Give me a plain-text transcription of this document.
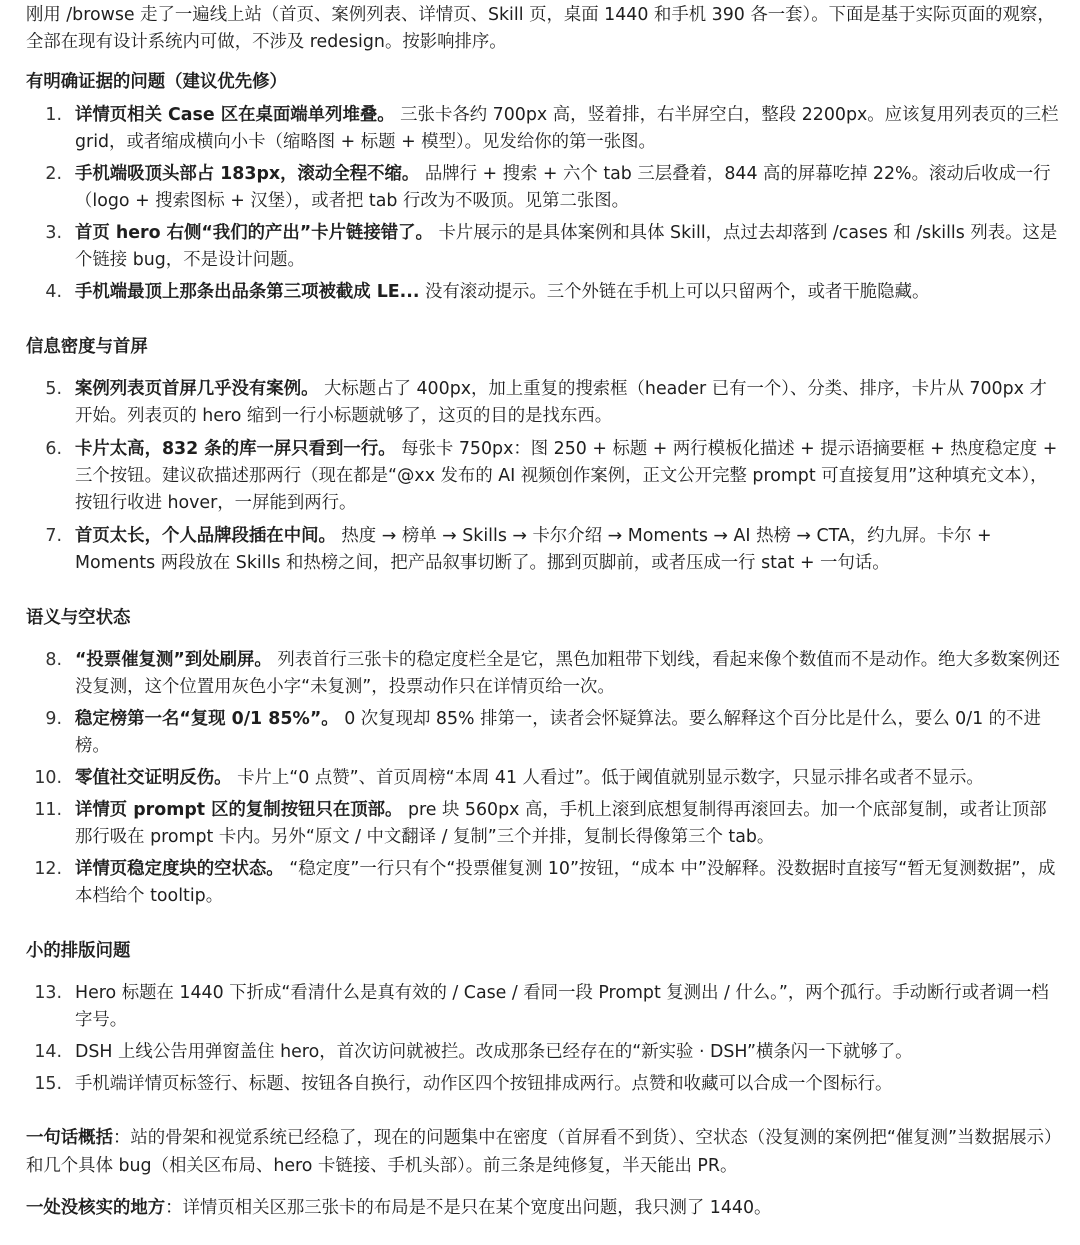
刚用 /browse 走了一遍线上站（首页、案例列表、详情页、Skill 页，桌面 1440 和手机 390 各一套）。下面是基于实际页面的观察，全部在现有设计系统内可做，不涉及 redesign。按影响排序。

有明确证据的问题（建议优先修）

1. 详情页相关 Case 区在桌面端单列堆叠。 三张卡各约 700px 高，竖着排，右半屏空白，整段 2200px。应该复用列表页的三栏 grid，或者缩成横向小卡（缩略图 + 标题 + 模型）。见发给你的第一张图。
2. 手机端吸顶头部占 183px，滚动全程不缩。 品牌行 + 搜索 + 六个 tab 三层叠着，844 高的屏幕吃掉 22%。滚动后收成一行（logo + 搜索图标 + 汉堡），或者把 tab 行改为不吸顶。见第二张图。
3. 首页 hero 右侧“我们的产出”卡片链接错了。 卡片展示的是具体案例和具体 Skill，点过去却落到 /cases 和 /skills 列表。这是个链接 bug，不是设计问题。
4. 手机端最顶上那条出品条第三项被截成 LE... 没有滚动提示。三个外链在手机上可以只留两个，或者干脆隐藏。

信息密度与首屏

5. 案例列表页首屏几乎没有案例。 大标题占了 400px，加上重复的搜索框（header 已有一个）、分类、排序，卡片从 700px 才开始。列表页的 hero 缩到一行小标题就够了，这页的目的是找东西。
6. 卡片太高，832 条的库一屏只看到一行。 每张卡 750px：图 250 + 标题 + 两行模板化描述 + 提示语摘要框 + 热度稳定度 + 三个按钮。建议砍描述那两行（现在都是“@xx 发布的 AI 视频创作案例，正文公开完整 prompt 可直接复用”这种填充文本），按钮行收进 hover，一屏能到两行。
7. 首页太长，个人品牌段插在中间。 热度 → 榜单 → Skills → 卡尔介绍 → Moments → AI 热榜 → CTA，约九屏。卡尔 + Moments 两段放在 Skills 和热榜之间，把产品叙事切断了。挪到页脚前，或者压成一行 stat + 一句话。

语义与空状态

8. “投票催复测”到处刷屏。 列表首行三张卡的稳定度栏全是它，黑色加粗带下划线，看起来像个数值而不是动作。绝大多数案例还没复测，这个位置用灰色小字“未复测”，投票动作只在详情页给一次。
9. 稳定榜第一名“复现 0/1 85%”。 0 次复现却 85% 排第一，读者会怀疑算法。要么解释这个百分比是什么，要么 0/1 的不进榜。
10. 零值社交证明反伤。 卡片上“0 点赞”、首页周榜“本周 41 人看过”。低于阈值就别显示数字，只显示排名或者不显示。
11. 详情页 prompt 区的复制按钮只在顶部。 pre 块 560px 高，手机上滚到底想复制得再滚回去。加一个底部复制，或者让顶部那行吸在 prompt 卡内。另外“原文 / 中文翻译 / 复制”三个并排，复制长得像第三个 tab。
12. 详情页稳定度块的空状态。 “稳定度”一行只有个“投票催复测 10”按钮，“成本 中”没解释。没数据时直接写“暂无复测数据”，成本档给个 tooltip。

小的排版问题

13. Hero 标题在 1440 下折成“看清什么是真有效的 / Case / 看同一段 Prompt 复测出 / 什么。”，两个孤行。手动断行或者调一档字号。
14. DSH 上线公告用弹窗盖住 hero，首次访问就被拦。改成那条已经存在的“新实验 · DSH”横条闪一下就够了。
15. 手机端详情页标签行、标题、按钮各自换行，动作区四个按钮排成两行。点赞和收藏可以合成一个图标行。

一句话概括：站的骨架和视觉系统已经稳了，现在的问题集中在密度（首屏看不到货）、空状态（没复测的案例把“催复测”当数据展示）和几个具体 bug（相关区布局、hero 卡链接、手机头部）。前三条是纯修复，半天能出 PR。

一处没核实的地方：详情页相关区那三张卡的布局是不是只在某个宽度出问题，我只测了 1440。
